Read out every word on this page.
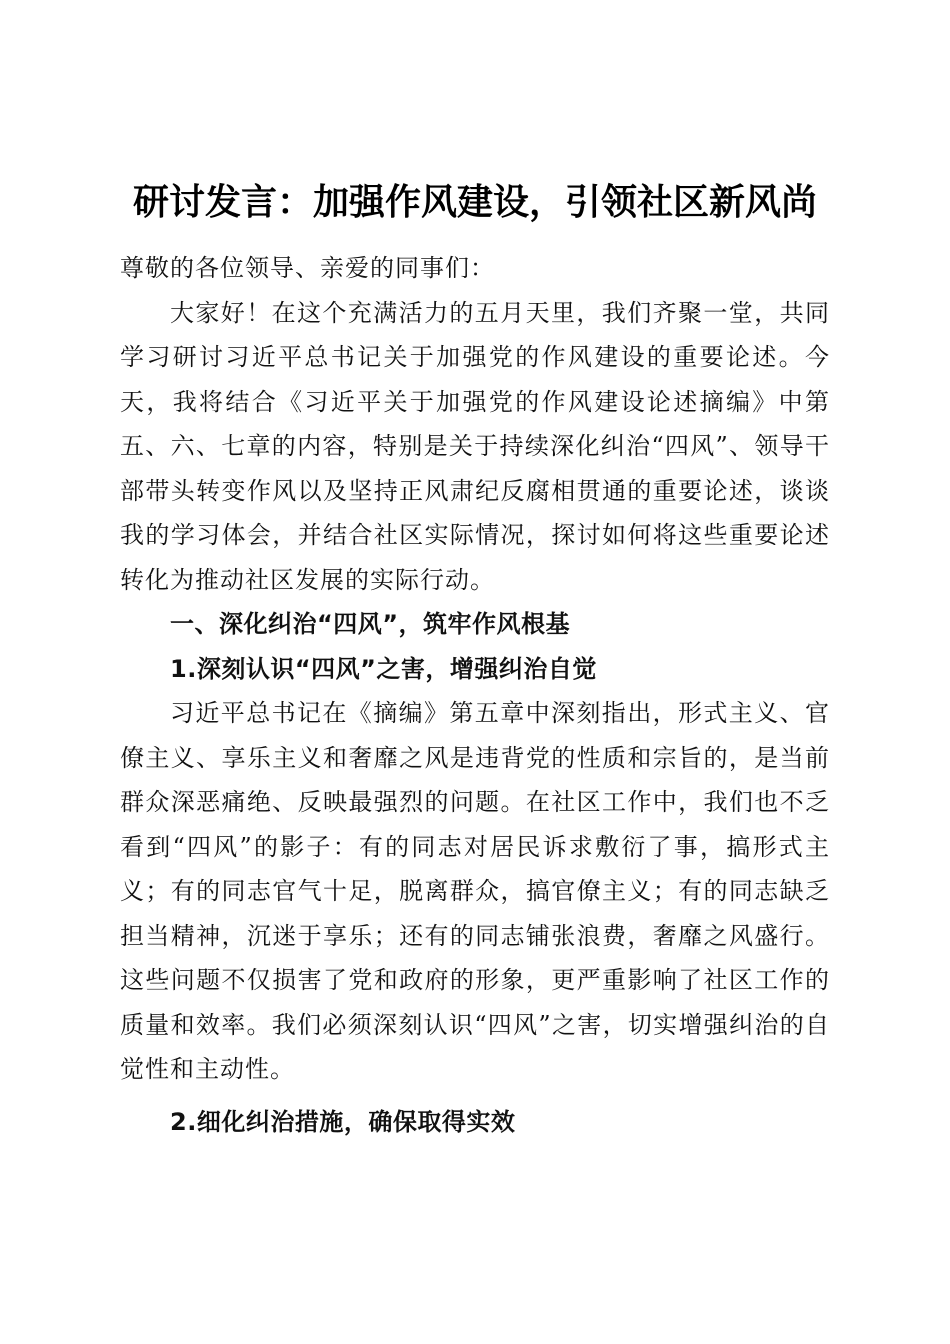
研讨发言：加强作风建设，引领社区新风尚

尊敬的各位领导、亲爱的同事们：

大家好！在这个充满活力的五月天里，我们齐聚一堂，共同学习研讨习近平总书记关于加强党的作风建设的重要论述。今天，我将结合《习近平关于加强党的作风建设论述摘编》中第五、六、七章的内容，特别是关于持续深化纠治“四风”、领导干部带头转变作风以及坚持正风肃纪反腐相贯通的重要论述，谈谈我的学习体会，并结合社区实际情况，探讨如何将这些重要论述转化为推动社区发展的实际行动。

一、深化纠治“四风”，筑牢作风根基

1.深刻认识“四风”之害，增强纠治自觉

习近平总书记在《摘编》第五章中深刻指出，形式主义、官僚主义、享乐主义和奢靡之风是违背党的性质和宗旨的，是当前群众深恶痛绝、反映最强烈的问题。在社区工作中，我们也不乏看到“四风”的影子：有的同志对居民诉求敷衍了事，搞形式主义；有的同志官气十足，脱离群众，搞官僚主义；有的同志缺乏担当精神，沉迷于享乐；还有的同志铺张浪费，奢靡之风盛行。这些问题不仅损害了党和政府的形象，更严重影响了社区工作的质量和效率。我们必须深刻认识“四风”之害，切实增强纠治的自觉性和主动性。

2.细化纠治措施，确保取得实效
